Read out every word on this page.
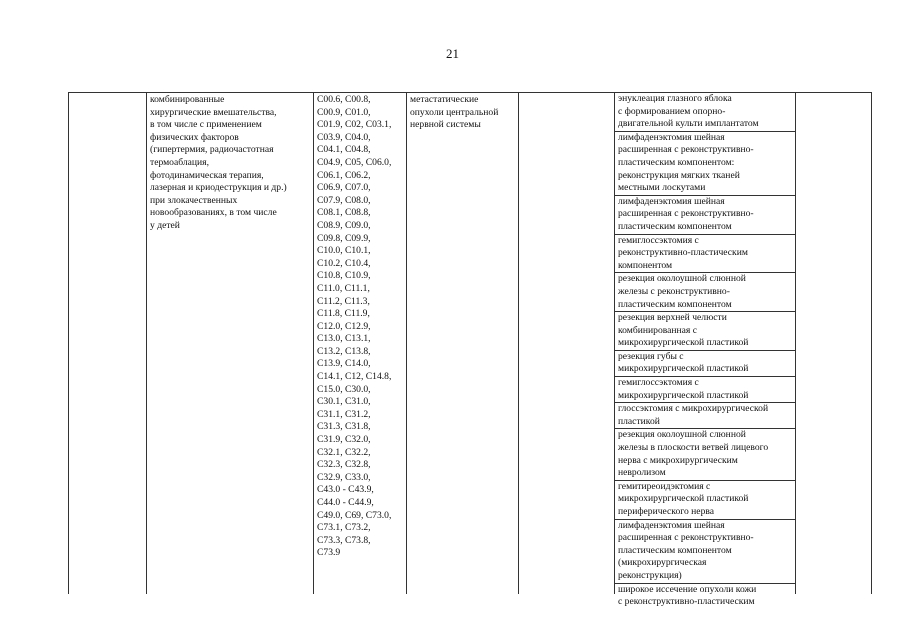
21
комбинированные
хирургические вмешательства,
в том числе с применением
физических факторов
(гипертермия, радиочастотная
термоаблация,
фотодинамическая терапия,
лазерная и криодеструкция и др.)
при злокачественных
новообразованиях, в том числе
у детей
C00.6, C00.8,
C00.9, C01.0,
C01.9, C02, C03.1,
C03.9, C04.0,
C04.1, C04.8,
C04.9, C05, C06.0,
C06.1, C06.2,
C06.9, C07.0,
C07.9, C08.0,
C08.1, C08.8,
C08.9, C09.0,
C09.8, C09.9,
C10.0, C10.1,
C10.2, C10.4,
C10.8, C10.9,
C11.0, C11.1,
C11.2, C11.3,
C11.8, C11.9,
C12.0, C12.9,
C13.0, C13.1,
C13.2, C13.8,
C13.9, C14.0,
C14.1, C12, C14.8,
C15.0, C30.0,
C30.1, C31.0,
C31.1, C31.2,
C31.3, C31.8,
C31.9, C32.0,
C32.1, C32.2,
C32.3, C32.8,
C32.9, C33.0,
C43.0 - C43.9,
C44.0 - C44.9,
C49.0, C69, C73.0,
C73.1, C73.2,
C73.3, C73.8,
C73.9
метастатические
опухоли центральной
нервной системы
энуклеация глазного яблока
с формированием опорно-
двигательной культи имплантатом
лимфаденэктомия шейная
расширенная с реконструктивно-
пластическим компонентом:
реконструкция мягких тканей
местными лоскутами
лимфаденэктомия шейная
расширенная с реконструктивно-
пластическим компонентом
гемиглоссэктомия с
реконструктивно-пластическим
компонентом
резекция околоушной слюнной
железы с реконструктивно-
пластическим компонентом
резекция верхней челюсти
комбинированная с
микрохирургической пластикой
резекция губы с
микрохирургической пластикой
гемиглоссэктомия с
микрохирургической пластикой
глоссэктомия с микрохирургической
пластикой
резекция околоушной слюнной
железы в плоскости ветвей лицевого
нерва с микрохирургическим
невролизом
гемитиреоидэктомия с
микрохирургической пластикой
периферического нерва
лимфаденэктомия шейная
расширенная с реконструктивно-
пластическим компонентом
(микрохирургическая
реконструкция)
широкое иссечение опухоли кожи
с реконструктивно-пластическим
